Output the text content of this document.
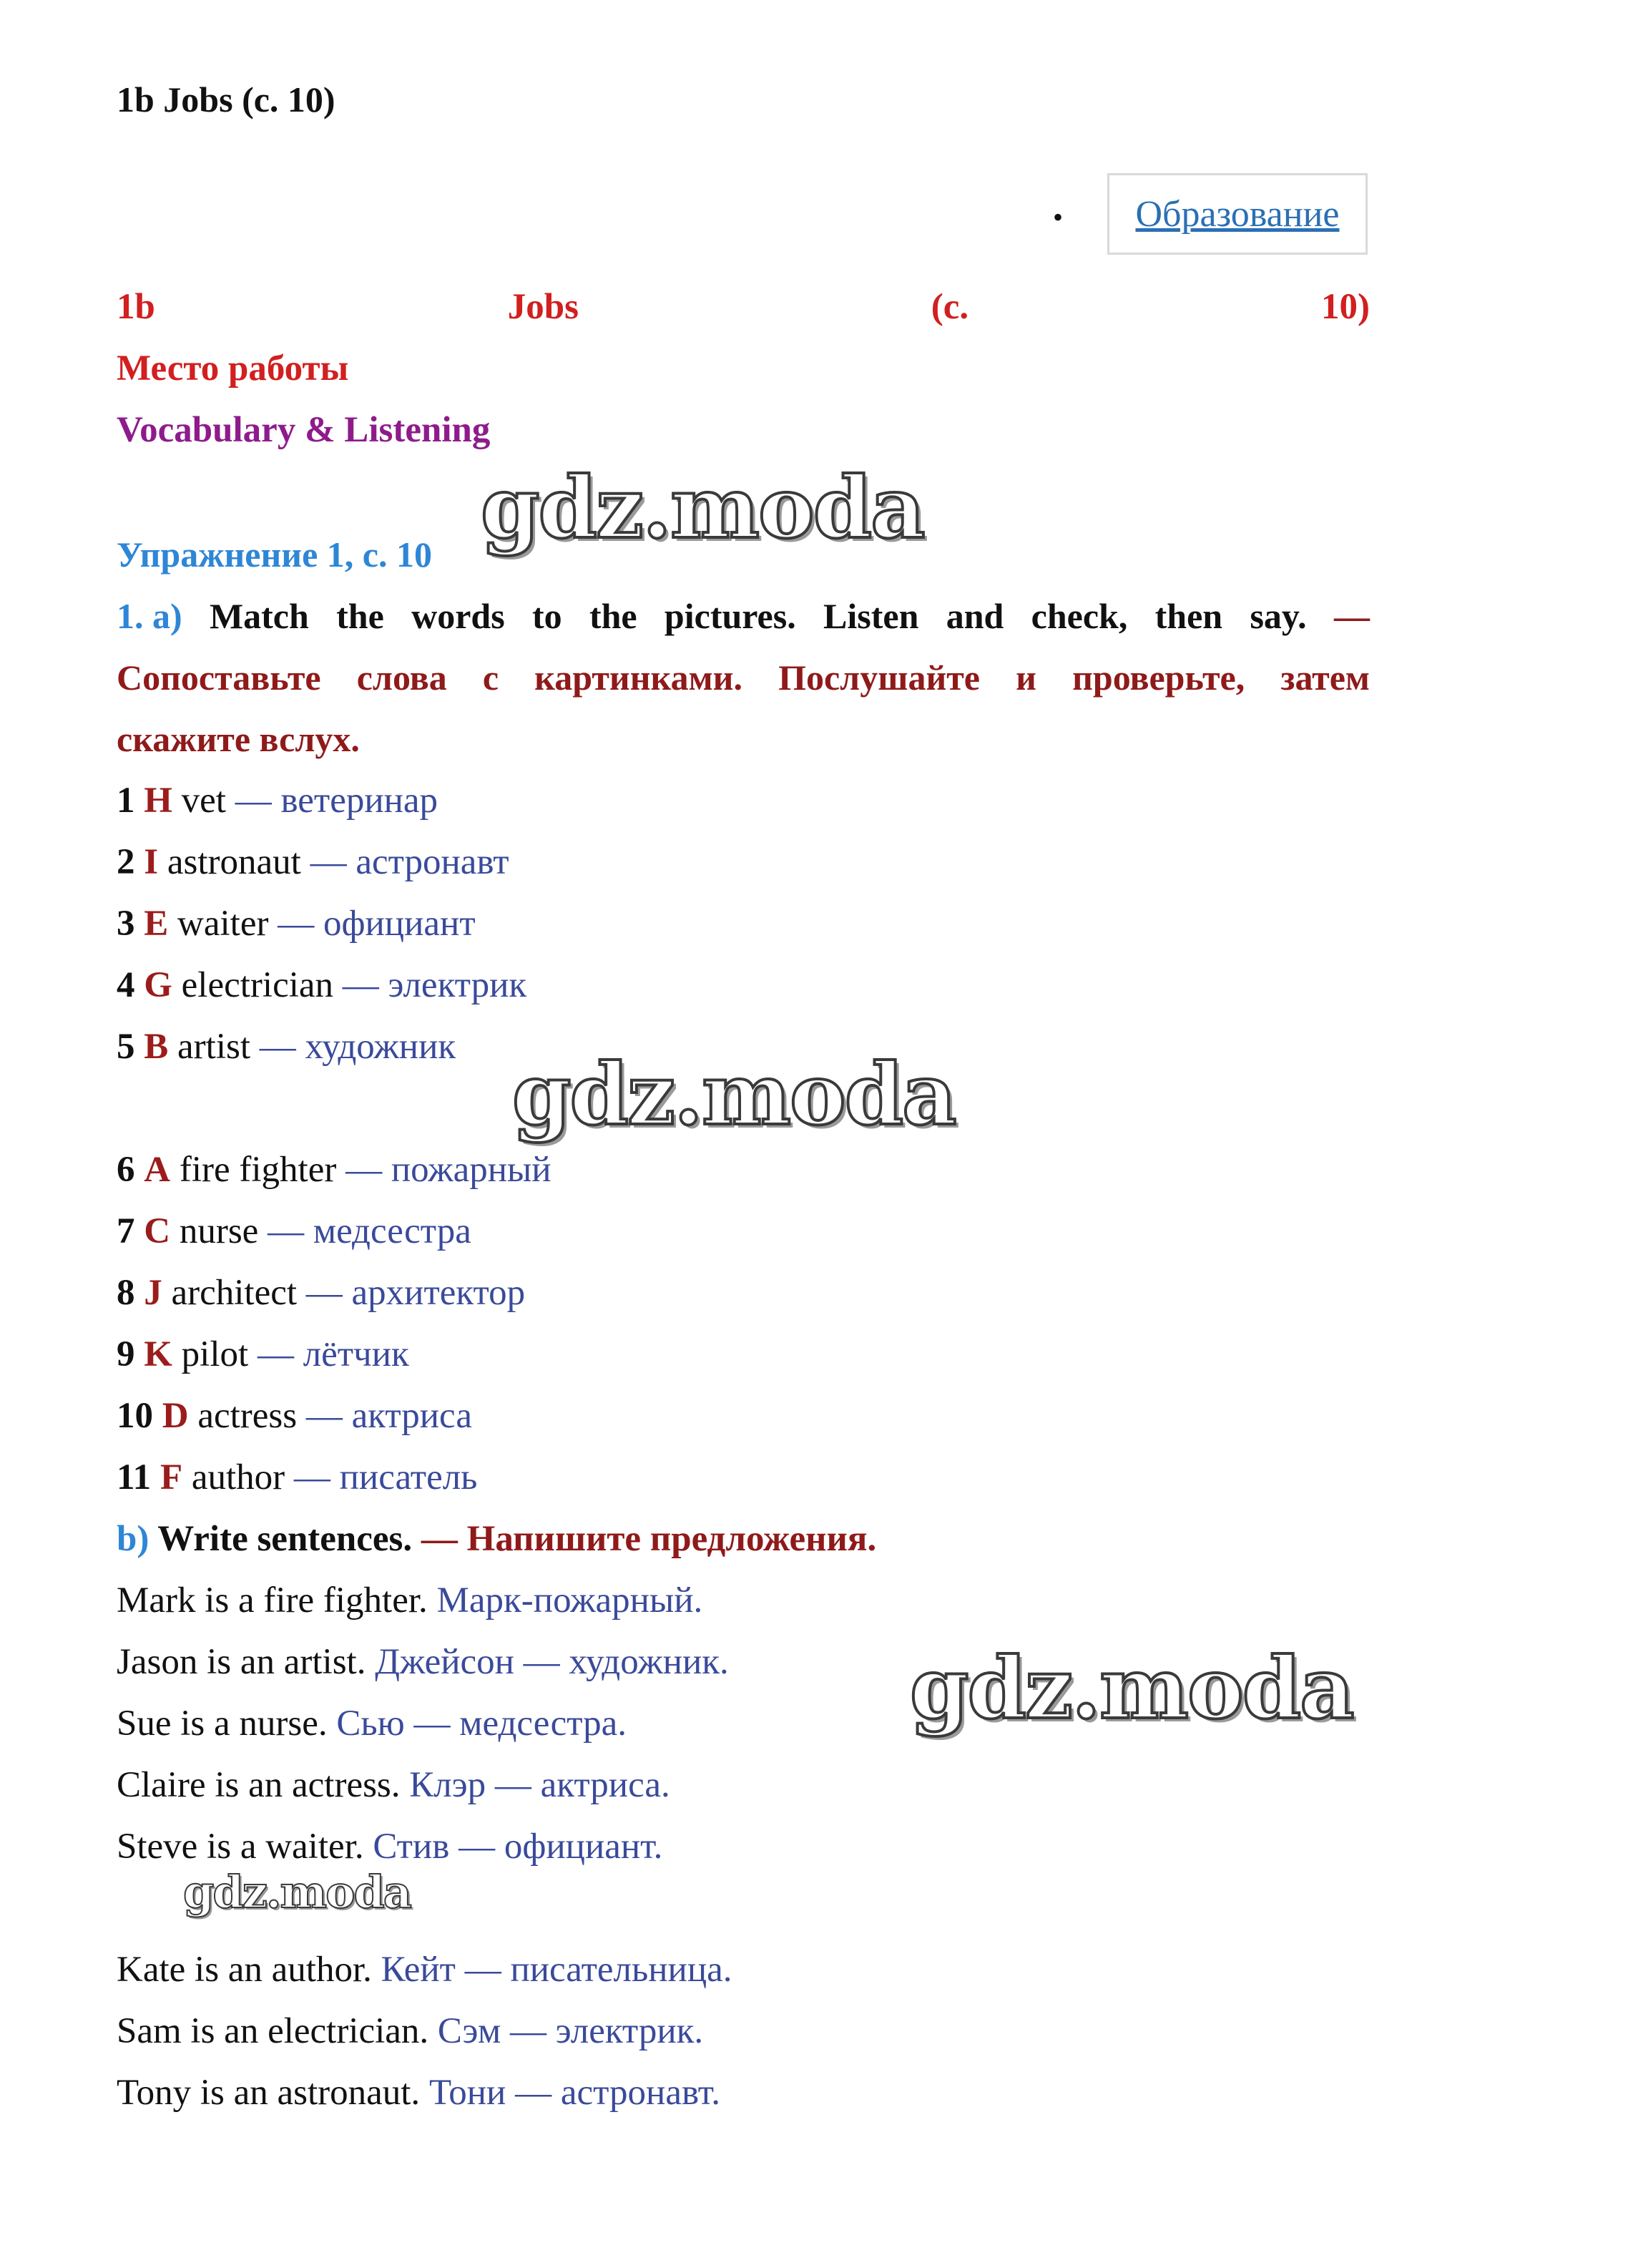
1b Jobs (с. 10)
• Образование
1b	Jobs	(с.	10)
Место работы
Vocabulary & Listening
Упражнение 1, с. 10
1. a) Match the words to the pictures. Listen and check, then say. —
Сопоставьте слова с картинками. Послушайте и проверьте, затем
скажите вслух.
1 H vet — ветеринар
2 I astronaut — астронавт
3 E waiter — официант
4 G electrician — электрик
5 B artist — художник
6 A fire fighter — пожарный
7 C nurse — медсестра
8 J architect — архитектор
9 K pilot — лётчик
10 D actress — актриса
11 F author — писатель
b) Write sentences. — Напишите предложения.
Mark is a fire fighter. Марк-пожарный.
Jason is an artist. Джейсон — художник.
Sue is a nurse. Сью — медсестра.
Claire is an actress. Клэр — актриса.
Steve is a waiter. Стив — официант.
Kate is an author. Кейт — писательница.
Sam is an electrician. Сэм — электрик.
Tony is an astronaut. Тони — астронавт.
gdz.moda
gdz.moda
gdz.moda
gdz.moda
